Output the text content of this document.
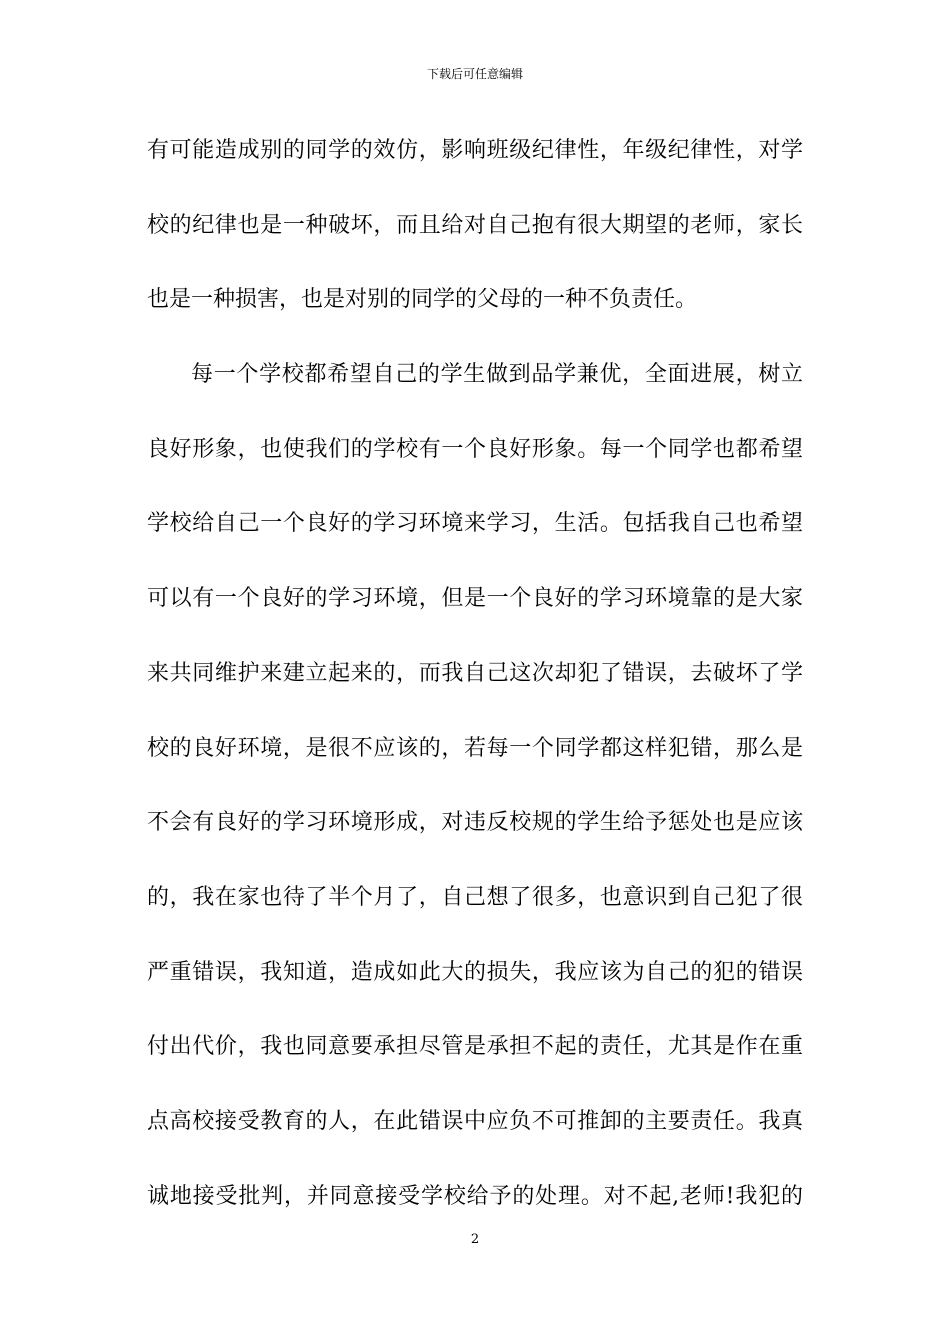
下载后可任意编辑
有可能造成别的同学的效仿，影响班级纪律性，年级纪律性，对学
校的纪律也是一种破坏，而且给对自己抱有很大期望的老师，家长
也是一种损害，也是对别的同学的父母的一种不负责任。
每一个学校都希望自己的学生做到品学兼优，全面进展，树立
良好形象，也使我们的学校有一个良好形象。每一个同学也都希望
学校给自己一个良好的学习环境来学习，生活。包括我自己也希望
可以有一个良好的学习环境，但是一个良好的学习环境靠的是大家
来共同维护来建立起来的，而我自己这次却犯了错误，去破坏了学
校的良好环境，是很不应该的，若每一个同学都这样犯错，那么是
不会有良好的学习环境形成，对违反校规的学生给予惩处也是应该
的，我在家也待了半个月了，自己想了很多，也意识到自己犯了很
严重错误，我知道，造成如此大的损失，我应该为自己的犯的错误
付出代价，我也同意要承担尽管是承担不起的责任，尤其是作在重
点高校接受教育的人，在此错误中应负不可推卸的主要责任。我真
诚地接受批判，并同意接受学校给予的处理。对不起,老师!我犯的
2
